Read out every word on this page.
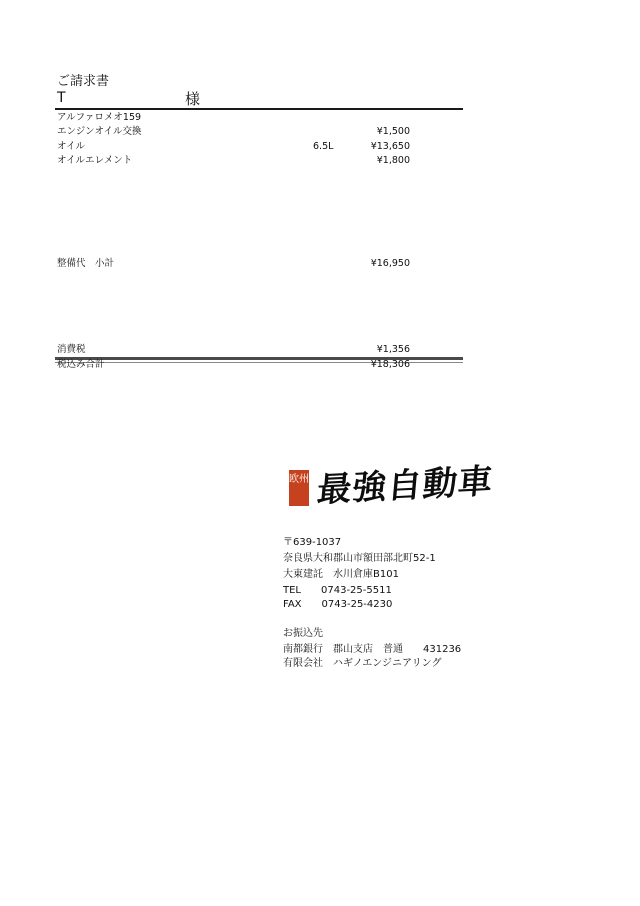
ご請求書
T	様
アルファロメオ159
エンジンオイル交換	¥1,500
オイル	6.5L	¥13,650
オイルエレメント	¥1,800
整備代　小計	¥16,950
消費税	¥1,356
税込み合計	¥18,306
欧州 最強自動車
〒639-1037
奈良県大和郡山市額田部北町52-1
大東建託　水川倉庫B101
TEL　　0743-25-5511
FAX　　0743-25-4230
お振込先
南都銀行　郡山支店　普通　　431236
有限会社　ハギノエンジニアリング
